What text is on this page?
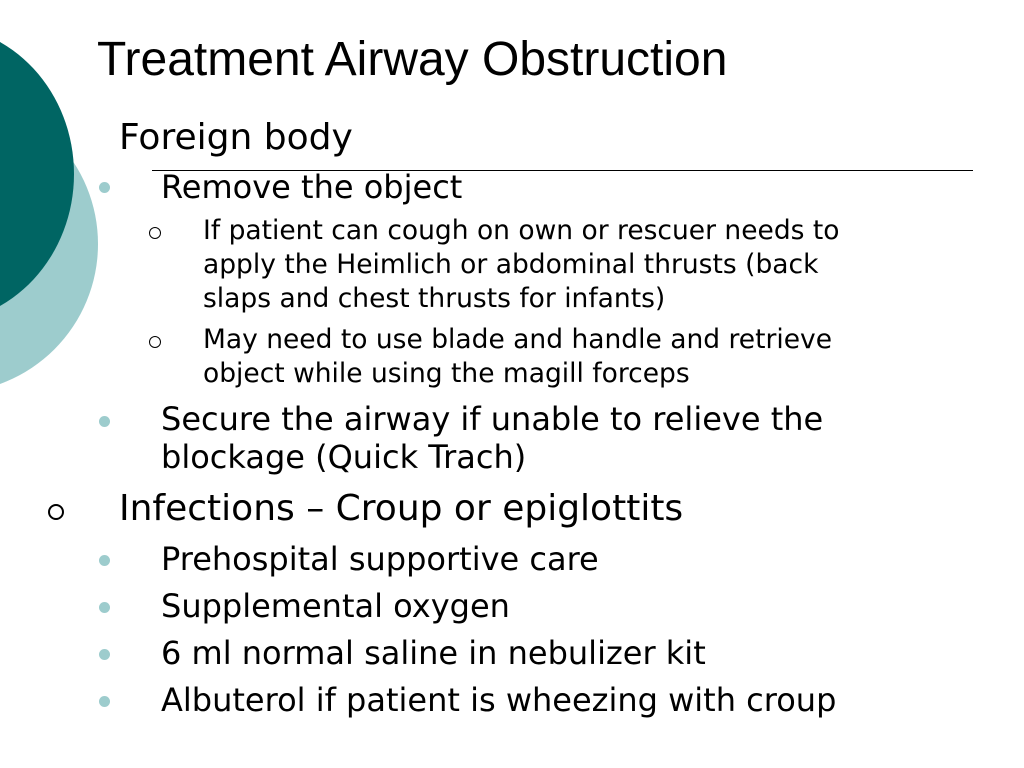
Treatment Airway Obstruction
Foreign body
Remove the object
If patient can cough on own or rescuer needs to
apply the Heimlich or abdominal thrusts (back
slaps and chest thrusts for infants)
May need to use blade and handle and retrieve
object while using the magill forceps
Secure the airway if unable to relieve the
blockage (Quick Trach)
Infections – Croup or epiglottits
Prehospital supportive care
Supplemental oxygen
6 ml normal saline in nebulizer kit
Albuterol if patient is wheezing with croup
